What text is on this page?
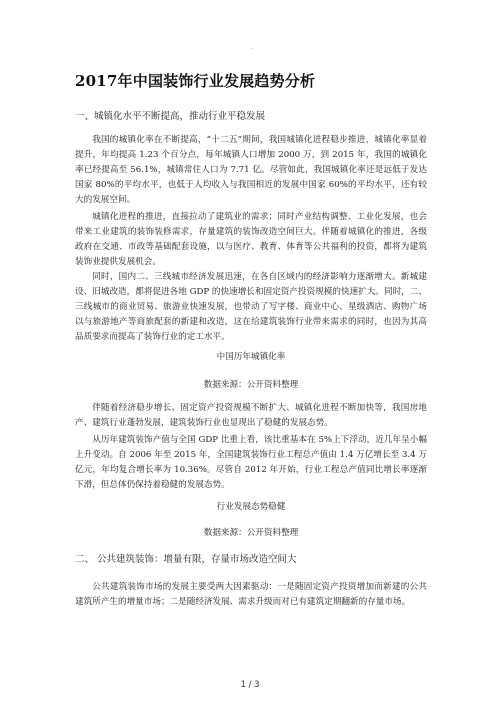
·
2017年中国装饰行业发展趋势分析
一、城镇化水平不断提高，推动行业平稳发展

我国的城镇化率在不断提高，“十二五”期间，我国城镇化进程稳步推进，城镇化率显着提升，年均提高 1.23 个百分点，每年城镇人口增加 2000 万，到 2015 年，我国的城镇化率已经提高至 56.1%，城镇常住人口为 7.71 亿。尽管如此，我国城镇化率还是远低于发达国家 80%的平均水平，也低于人均收入与我国相近的发展中国家 60%的平均水平，还有较大的发展空间。

城镇化进程的推进，直接拉动了建筑业的需求；同时产业结构调整、工业化发展，也会带来工业建筑的装饰装修需求，存量建筑的装饰改造空间巨大。伴随着城镇化的推进，各级政府在交通、市政等基础配套设施，以与医疗、教育、体育等公共福利的投资，都将为建筑装饰业提供发展机会。

同时，国内二、三线城市经济发展迅速，在各自区域内的经济影响力逐渐增大。新城建设、旧城改造，都将促进各地 GDP 的快速增长和固定资产投资规模的快速扩大。同时，二、三线城市的商业贸易、旅游业快速发展，也带动了写字楼、商业中心、星级酒店、购物广场以与旅游地产等商旅配套的新建和改造，这在给建筑装饰行业带来需求的同时，也因为其高品质要求而提高了装饰行业的定工水平。

中国历年城镇化率
数据来源：公开资料整理

伴随着经济稳步增长、固定资产投资规模不断扩大、城镇化进程不断加快等，我国房地产、建筑行业蓬勃发展，建筑装饰行业也显现出了稳健的发展态势。

从历年建筑装饰产值与全国 GDP 比重上看，该比重基本在 5%上下浮动，近几年呈小幅上升变动。自 2006 年至 2015 年，全国建筑装饰行业工程总产值由 1.4 万亿增长至 3.4 万亿元，年均复合增长率为 10.36%。尽管自 2012 年开始，行业工程总产值同比增长率逐渐下滑，但总体仍保持着稳健的发展态势。

行业发展态势稳健
数据来源：公开资料整理
二、 公共建筑装饰：增量有限，存量市场改造空间大

公共建筑装饰市场的发展主要受两大因素驱动：一是随固定资产投资增加而新建的公共建筑所产生的增量市场；二是随经济发展、需求升级而对已有建筑定期翻新的存量市场。

1 / 3
